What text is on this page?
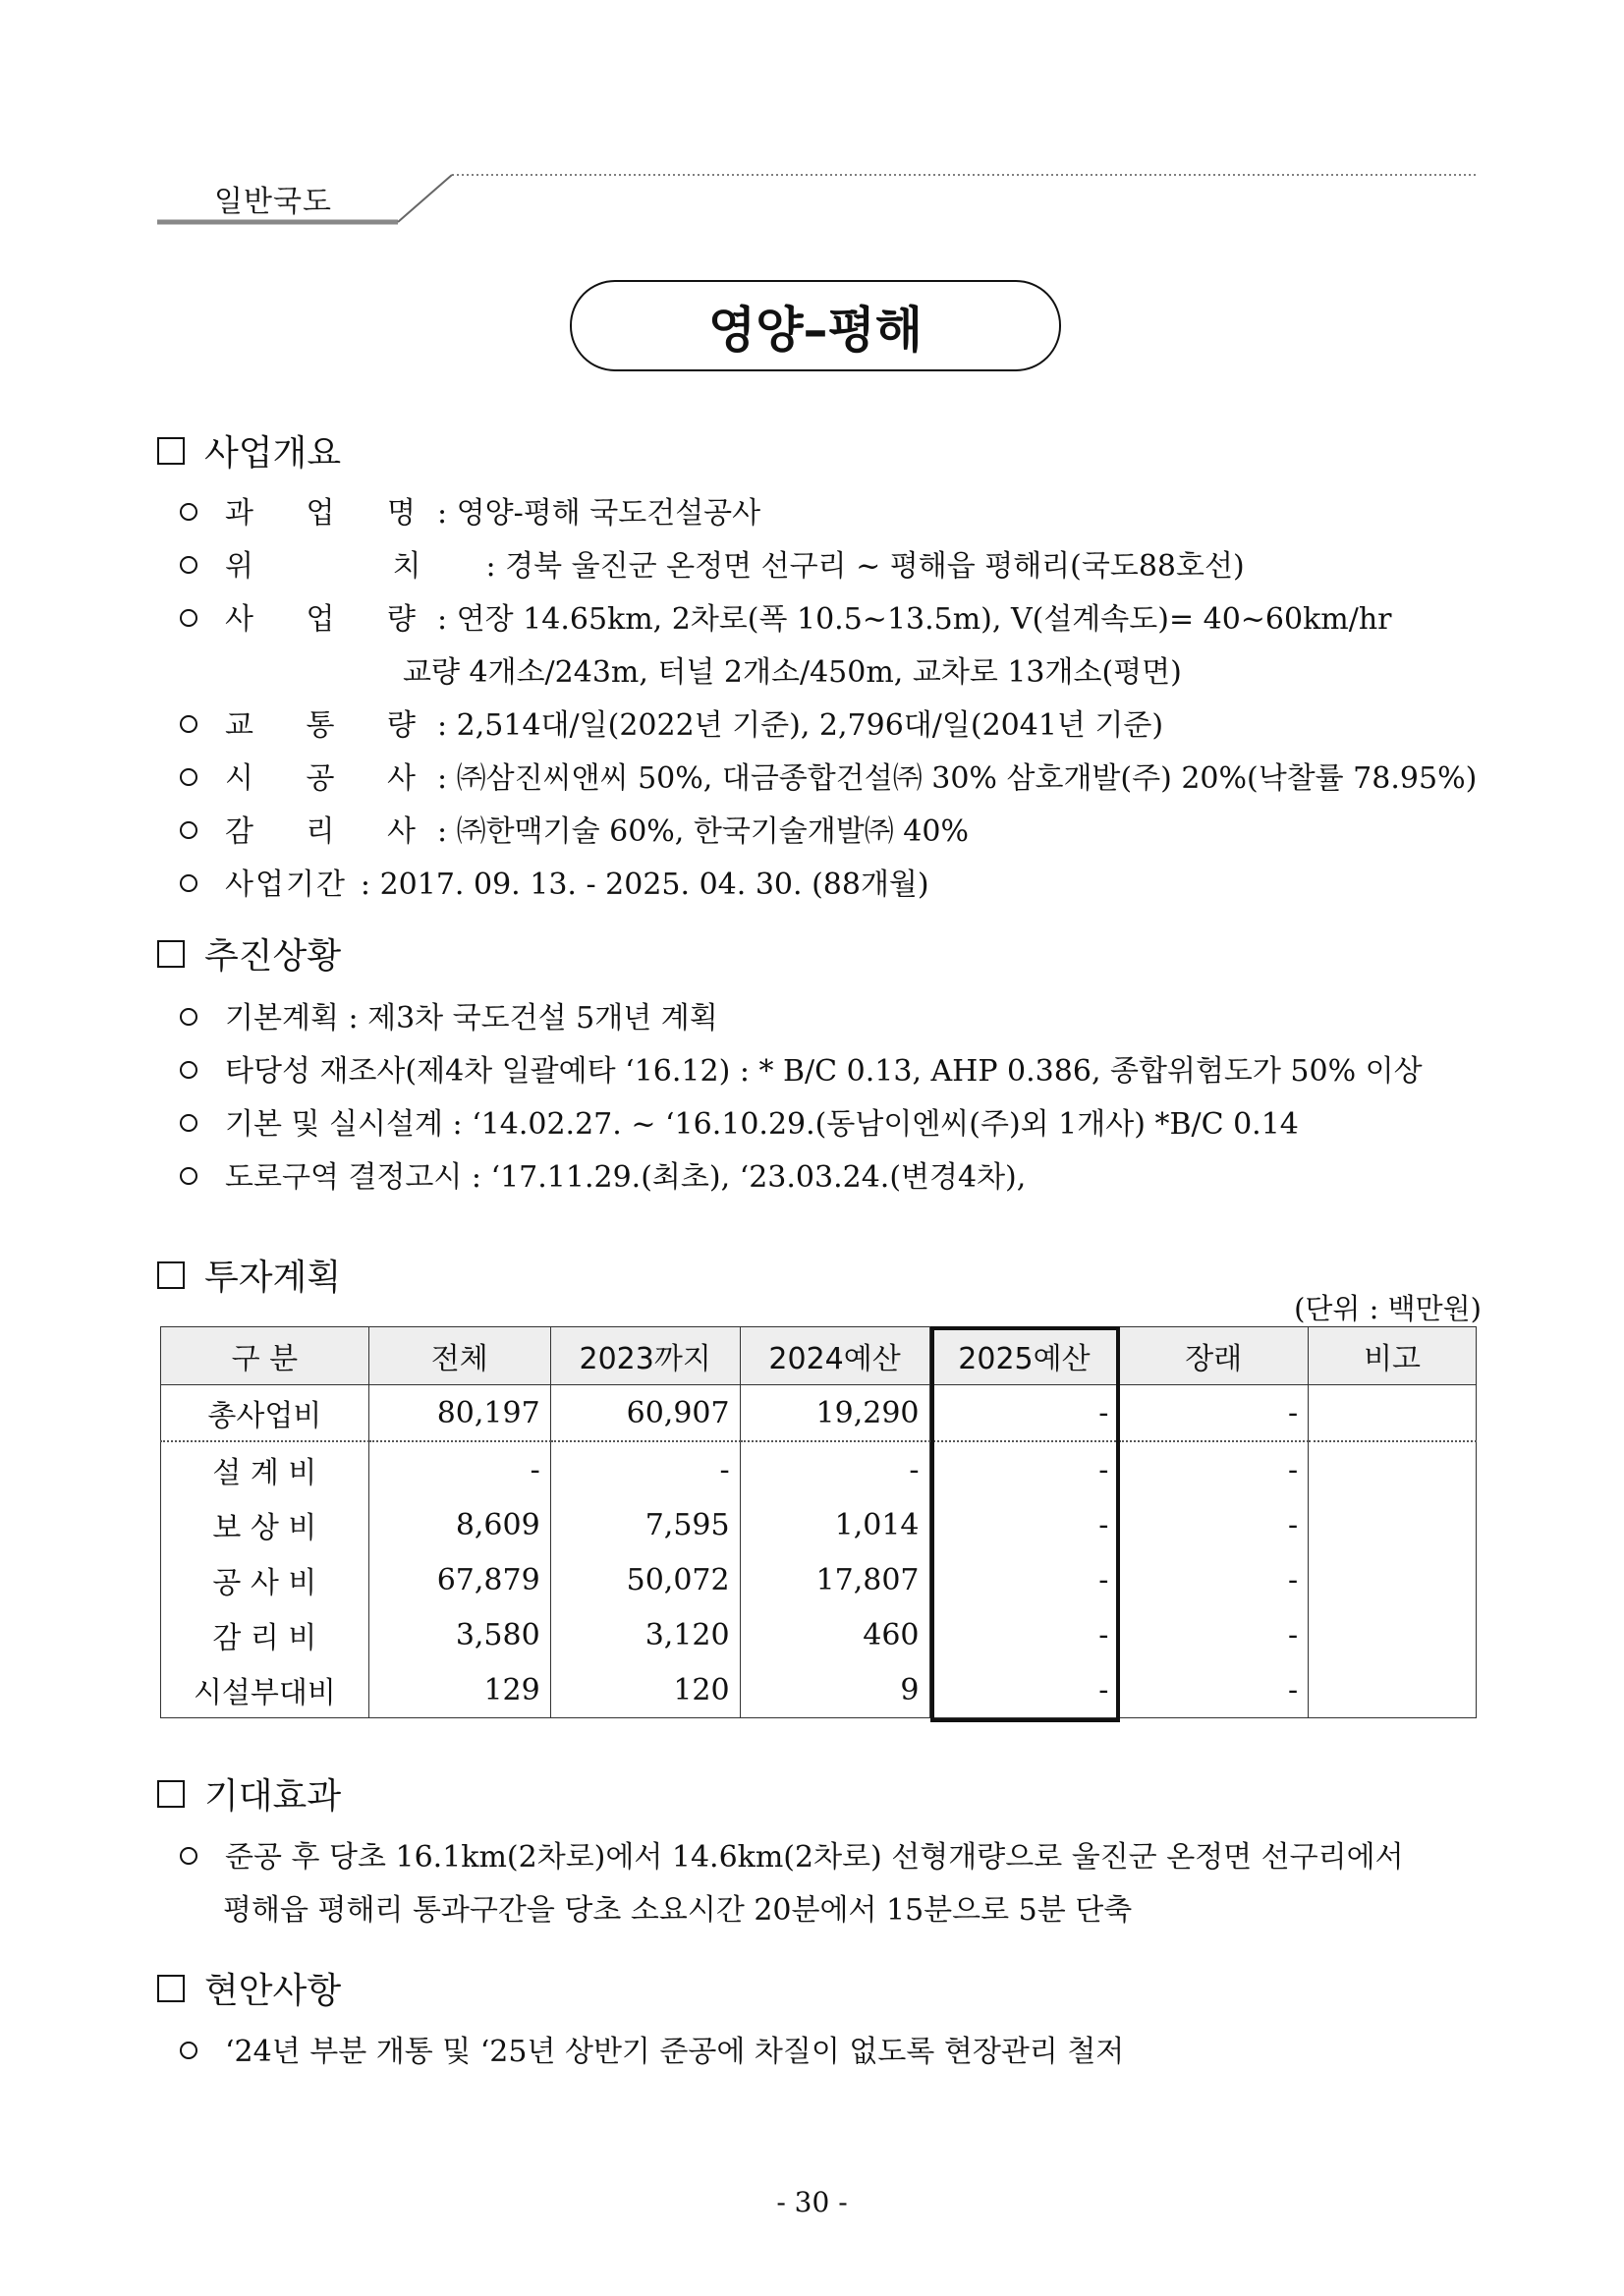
일반국도
영양–평해
사업개요
과 업 명: 영양-평해 국도건설공사
위 치: 경북 울진군 온정면 선구리 ~ 평해읍 평해리(국도88호선)
사 업 량: 연장 14.65km, 2차로(폭 10.5∼13.5m), V(설계속도)= 40~60km/hr
교량 4개소/243m, 터널 2개소/450m, 교차로 13개소(평면)
교 통 량: 2,514대/일(2022년 기준), 2,796대/일(2041년 기준)
시 공 사: ㈜삼진씨앤씨 50%, 대금종합건설㈜ 30% 삼호개발(주) 20%(낙찰률 78.95%)
감 리 사: ㈜한맥기술 60%, 한국기술개발㈜ 40%
사업기간 : 2017. 09. 13. - 2025. 04. 30. (88개월)
추진상황
기본계획 : 제3차 국도건설 5개년 계획
타당성 재조사(제4차 일괄예타 ‘16.12) : * B/C 0.13, AHP 0.386, 종합위험도가 50% 이상
기본 및 실시설계 : ‘14.02.27. ~ ‘16.10.29.(동남이엔씨(주)외 1개사) *B/C 0.14
도로구역 결정고시 : ‘17.11.29.(최초), ‘23.03.24.(변경4차),
투자계획
(단위 : 백만원)
구 분	전체	2023까지	2024예산	2025예산	장래	비고
총사업비	80,197	60,907	19,290	-	-	
설 계 비	-	-	-	-	-	
보 상 비	8,609	7,595	1,014	-	-	
공 사 비	67,879	50,072	17,807	-	-	
감 리 비	3,580	3,120	460	-	-	
시설부대비	129	120	9	-	-	
기대효과
준공 후 당초 16.1km(2차로)에서 14.6km(2차로) 선형개량으로 울진군 온정면 선구리에서
평해읍 평해리 통과구간을 당초 소요시간 20분에서 15분으로 5분 단축
현안사항
‘24년 부분 개통 및 ‘25년 상반기 준공에 차질이 없도록 현장관리 철저
- 30 -
